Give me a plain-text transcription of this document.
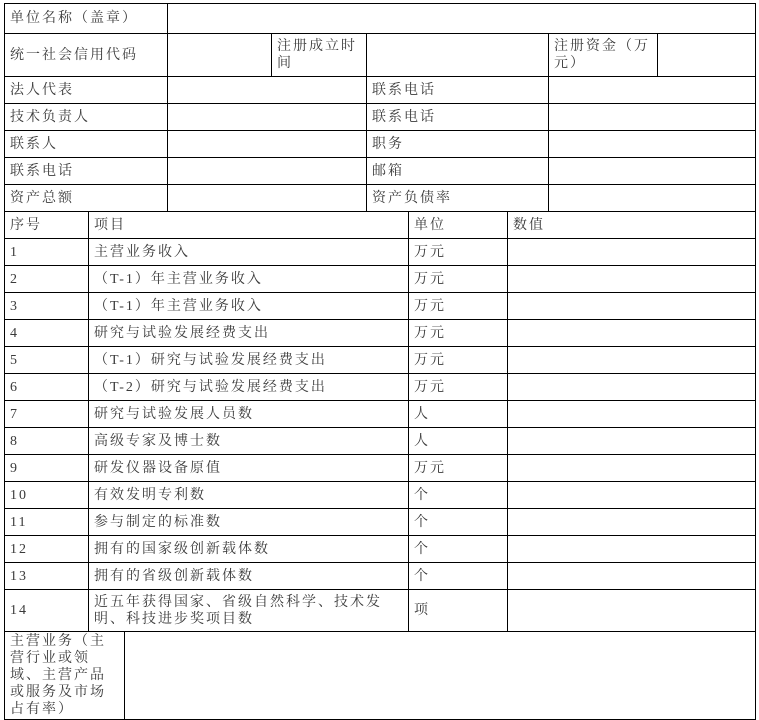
单位名称（盖章）					
统一社会信用代码		注册成立时间		注册资金（万元）	
法人代表			联系电话		
技术负责人			联系电话		
联系人			职务		
联系电话			邮箱		
资产总额			资产负债率		
序号	项目	单位	数值
1	主营业务收入	万元	
2	（T-1）年主营业务收入	万元	
3	（T-1）年主营业务收入	万元	
4	研究与试验发展经费支出	万元	
5	（T-1）研究与试验发展经费支出	万元	
6	（T-2）研究与试验发展经费支出	万元	
7	研究与试验发展人员数	人	
8	高级专家及博士数	人	
9	研发仪器设备原值	万元	
10	有效发明专利数	个	
11	参与制定的标准数	个	
12	拥有的国家级创新载体数	个	
13	拥有的省级创新载体数	个	
14	近五年获得国家、省级自然科学、技术发明、科技进步奖项目数	项	
主营业务（主营行业或领域、主营产品或服务及市场占有率）	
